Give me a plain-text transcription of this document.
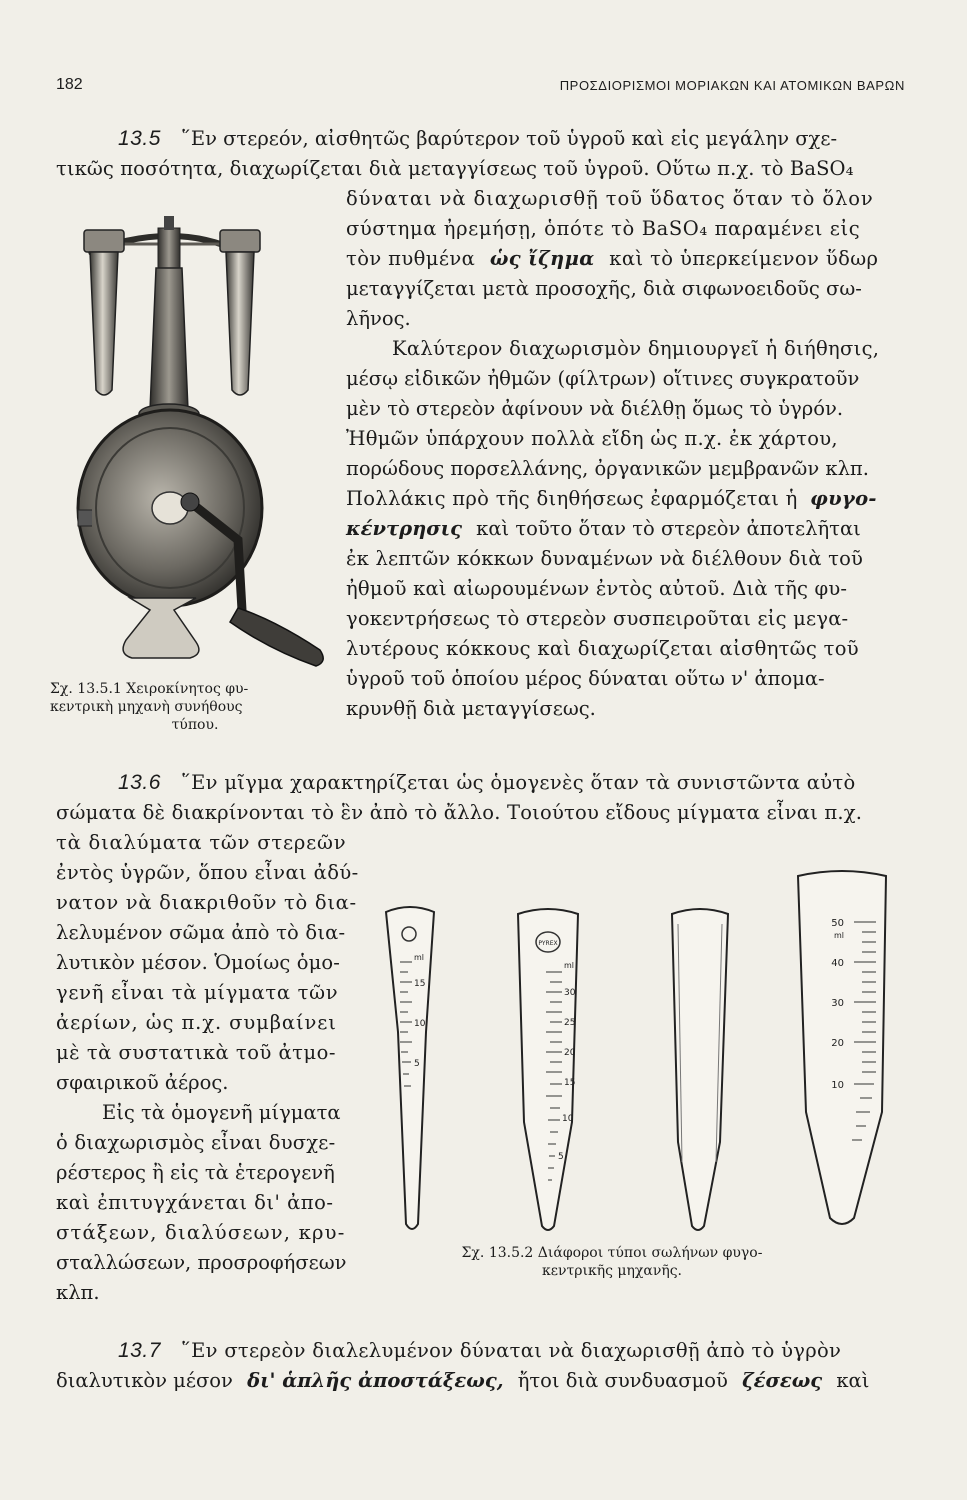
182	ΠΡΟΣΔΙΟΡΙΣΜΟΙ ΜΟΡΙΑΚΩΝ ΚΑΙ ΑΤΟΜΙΚΩΝ ΒΑΡΩΝ
13.5 ῞Εν στερεόν, αἰσθητῶς βαρύτερον τοῦ ὑγροῦ καὶ εἰς μεγάλην σχε-
τικῶς ποσότητα, διαχωρίζεται διὰ μεταγγίσεως τοῦ ὑγροῦ. Οὕτω π.χ. τὸ BaSO₄
δύναται νὰ διαχωρισθῇ τοῦ ὕδατος ὅταν τὸ ὅλον
σύστημα ἠρεμήσῃ, ὁπότε τὸ BaSO₄ παραμένει εἰς
τὸν πυθμένα ὡς ἴζημα καὶ τὸ ὑπερκείμενον ὕδωρ
μεταγγίζεται μετὰ προσοχῆς, διὰ σιφωνοειδοῦς σω-
λῆνος.
Καλύτερον διαχωρισμὸν δημιουργεῖ ἡ διήθησις,
μέσῳ εἰδικῶν ἠθμῶν (φίλτρων) οἵτινες συγκρατοῦν
μὲν τὸ στερεὸν ἀφίνουν νὰ διέλθῃ ὅμως τὸ ὑγρόν.
Ἠθμῶν ὑπάρχουν πολλὰ εἴδη ὡς π.χ. ἐκ χάρτου,
πορώδους πορσελλάνης, ὀργανικῶν μεμβρανῶν κλπ.
Πολλάκις πρὸ τῆς διηθήσεως ἐφαρμόζεται ἡ φυγο-
κέντρησις καὶ τοῦτο ὅταν τὸ στερεὸν ἀποτελῆται
ἐκ λεπτῶν κόκκων δυναμένων νὰ διέλθουν διὰ τοῦ
ἠθμοῦ καὶ αἰωρουμένων ἐντὸς αὐτοῦ. Διὰ τῆς φυ-
γοκεντρήσεως τὸ στερεὸν συσπειροῦται εἰς μεγα-
λυτέρους κόκκους καὶ διαχωρίζεται αἰσθητῶς τοῦ
ὑγροῦ τοῦ ὁποίου μέρος δύναται οὕτω ν' ἀπομα-
κρυνθῇ διὰ μεταγγίσεως.
Σχ. 13.5.1 Χειροκίνητος φυ-
κεντρικὴ μηχανὴ συνήθους
τύπου.
13.6 ῞Εν μῖγμα χαρακτηρίζεται ὡς ὁμογενὲς ὅταν τὰ συνιστῶντα αὐτὸ
σώματα δὲ διακρίνονται τὸ ἓν ἀπὸ τὸ ἄλλο. Τοιούτου εἴδους μίγματα εἶναι π.χ.
τὰ διαλύματα τῶν στερεῶν
ἐντὸς ὑγρῶν, ὅπου εἶναι ἀδύ-
νατον νὰ διακριθοῦν τὸ δια-
λελυμένον σῶμα ἀπὸ τὸ δια-
λυτικὸν μέσον. Ὁμοίως ὁμο-
γενῆ εἶναι τὰ μίγματα τῶν
ἀερίων, ὡς π.χ. συμβαίνει
μὲ τὰ συστατικὰ τοῦ ἀτμο-
σφαιρικοῦ ἀέρος.
Εἰς τὰ ὁμογενῆ μίγματα
ὁ διαχωρισμὸς εἶναι δυσχε-
ρέστερος ἢ εἰς τὰ ἑτερογενῆ
καὶ ἐπιτυγχάνεται δι' ἀπο-
στάξεων, διαλύσεων, κρυ-
σταλλώσεων, προσροφήσεων
κλπ.
ml
15
10
5
PYREX
ml
30
25
20
15
10
5
50
ml
40
30
20
10
Σχ. 13.5.2 Διάφοροι τύποι σωλήνων φυγο-
κεντρικῆς μηχανῆς.
13.7 ῞Εν στερεὸν διαλελυμένον δύναται νὰ διαχωρισθῇ ἀπὸ τὸ ὑγρὸν
διαλυτικὸν μέσον δι' ἁπλῆς ἀποστάξεως, ἤτοι διὰ συνδυασμοῦ ζέσεως καὶ
